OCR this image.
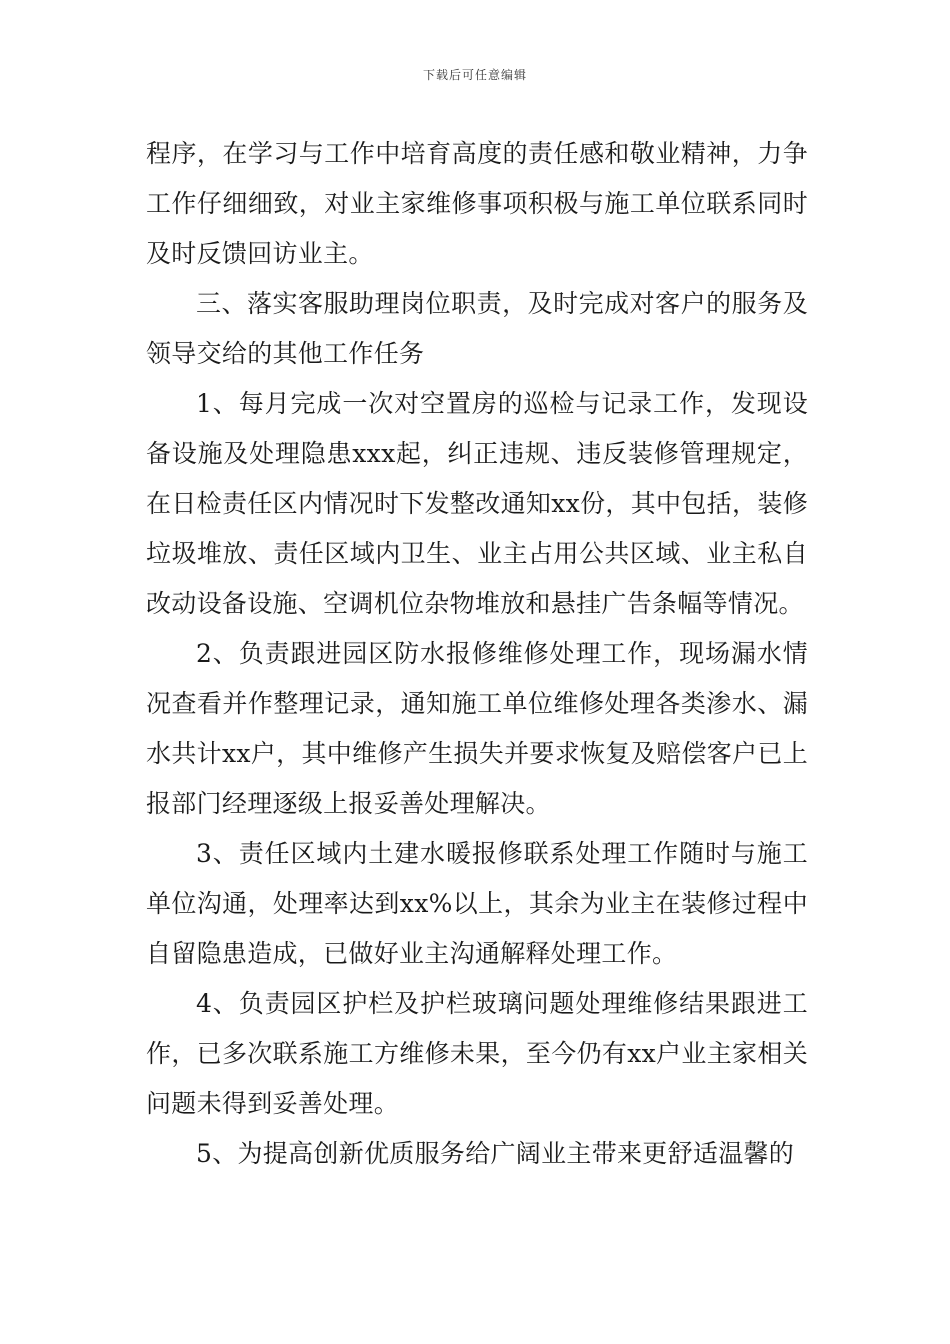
下载后可任意编辑

程序，在学习与工作中培育高度的责任感和敬业精神，力争工作仔细细致，对业主家维修事项积极与施工单位联系同时及时反馈回访业主。

三、落实客服助理岗位职责，及时完成对客户的服务及领导交给的其他工作任务

1、每月完成一次对空置房的巡检与记录工作，发现设备设施及处理隐患xxx起，纠正违规、违反装修管理规定，在日检责任区内情况时下发整改通知xx份，其中包括，装修垃圾堆放、责任区域内卫生、业主占用公共区域、业主私自改动设备设施、空调机位杂物堆放和悬挂广告条幅等情况。

2、负责跟进园区防水报修维修处理工作，现场漏水情况查看并作整理记录，通知施工单位维修处理各类渗水、漏水共计xx户，其中维修产生损失并要求恢复及赔偿客户已上报部门经理逐级上报妥善处理解决。

3、责任区域内土建水暖报修联系处理工作随时与施工单位沟通，处理率达到xx%以上，其余为业主在装修过程中自留隐患造成，已做好业主沟通解释处理工作。

4、负责园区护栏及护栏玻璃问题处理维修结果跟进工作，已多次联系施工方维修未果，至今仍有xx户业主家相关问题未得到妥善处理。

5、为提高创新优质服务给广阔业主带来更舒适温馨的
